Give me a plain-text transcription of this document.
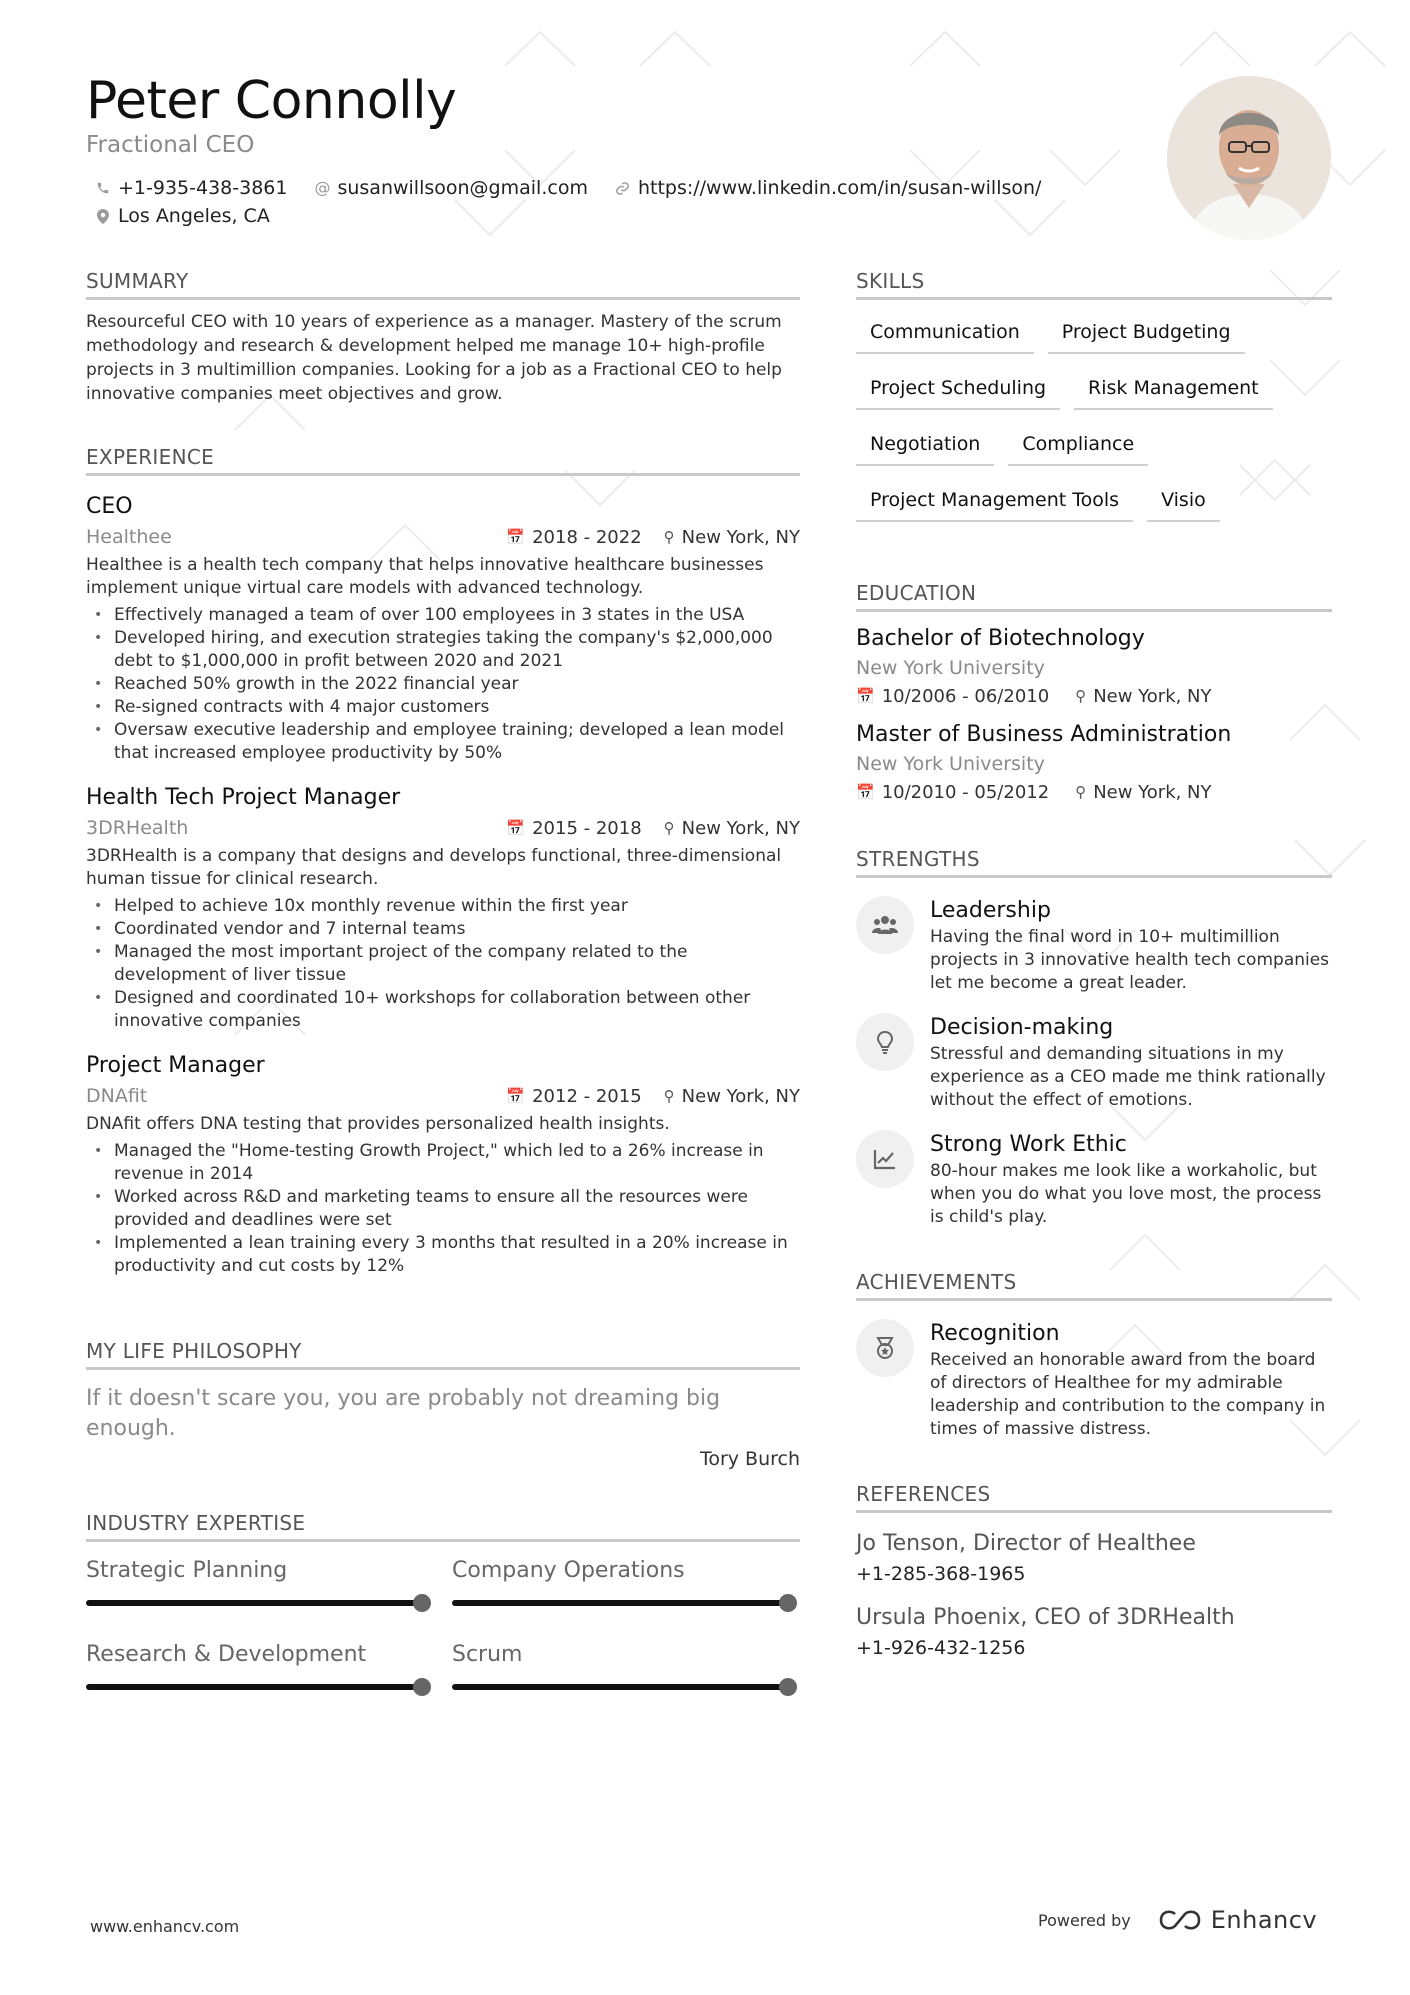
Peter Connolly
Fractional CEO
+1-935-438-3861 @ susanwillsoon@gmail.com	https://www.linkedin.com/in/susan-willson/
Los Angeles, CA
SUMMARY
Resourceful CEO with 10 years of experience as a manager. Mastery of the scrum methodology and research & development helped me manage 10+ high-profile projects in 3 multimillion companies. Looking for a job as a Fractional CEO to help innovative companies meet objectives and grow.
EXPERIENCE
CEO
Healthee	📅 2018 - 2022 ⚲ New York, NY
Healthee is a health tech company that helps innovative healthcare businesses implement unique virtual care models with advanced technology.
• Effectively managed a team of over 100 employees in 3 states in the USA
• Developed hiring, and execution strategies taking the company's $2,000,000 debt to $1,000,000 in profit between 2020 and 2021
• Reached 50% growth in the 2022 financial year
• Re-signed contracts with 4 major customers
• Oversaw executive leadership and employee training; developed a lean model that increased employee productivity by 50%
Health Tech Project Manager
3DRHealth	📅 2015 - 2018 ⚲ New York, NY
3DRHealth is a company that designs and develops functional, three-dimensional human tissue for clinical research.
• Helped to achieve 10x monthly revenue within the first year
• Coordinated vendor and 7 internal teams
• Managed the most important project of the company related to the development of liver tissue
• Designed and coordinated 10+ workshops for collaboration between other innovative companies
Project Manager
DNAfit	📅 2012 - 2015 ⚲ New York, NY
DNAfit offers DNA testing that provides personalized health insights.
• Managed the "Home-testing Growth Project," which led to a 26% increase in revenue in 2014
• Worked across R&D and marketing teams to ensure all the resources were provided and deadlines were set
• Implemented a lean training every 3 months that resulted in a 20% increase in productivity and cut costs by 12%
MY LIFE PHILOSOPHY
If it doesn't scare you, you are probably not dreaming big enough.
Tory Burch
INDUSTRY EXPERTISE
Strategic Planning	Company Operations
Research & Development	Scrum
SKILLS
Communication	Project Budgeting
Project Scheduling	Risk Management
Negotiation	Compliance
Project Management Tools	Visio
EDUCATION
Bachelor of Biotechnology
New York University
📅 10/2006 - 06/2010 ⚲ New York, NY
Master of Business Administration
New York University
📅 10/2010 - 05/2012 ⚲ New York, NY
STRENGTHS
Leadership
Having the final word in 10+ multimillion projects in 3 innovative health tech companies let me become a great leader.
Decision-making
Stressful and demanding situations in my experience as a CEO made me think rationally without the effect of emotions.
Strong Work Ethic
80-hour makes me look like a workaholic, but when you do what you love most, the process is child's play.
ACHIEVEMENTS
Recognition
Received an honorable award from the board of directors of Healthee for my admirable leadership and contribution to the company in times of massive distress.
REFERENCES
Jo Tenson, Director of Healthee
+1-285-368-1965
Ursula Phoenix, CEO of 3DRHealth
+1-926-432-1256
www.enhancv.com	Powered by	Enhancv
